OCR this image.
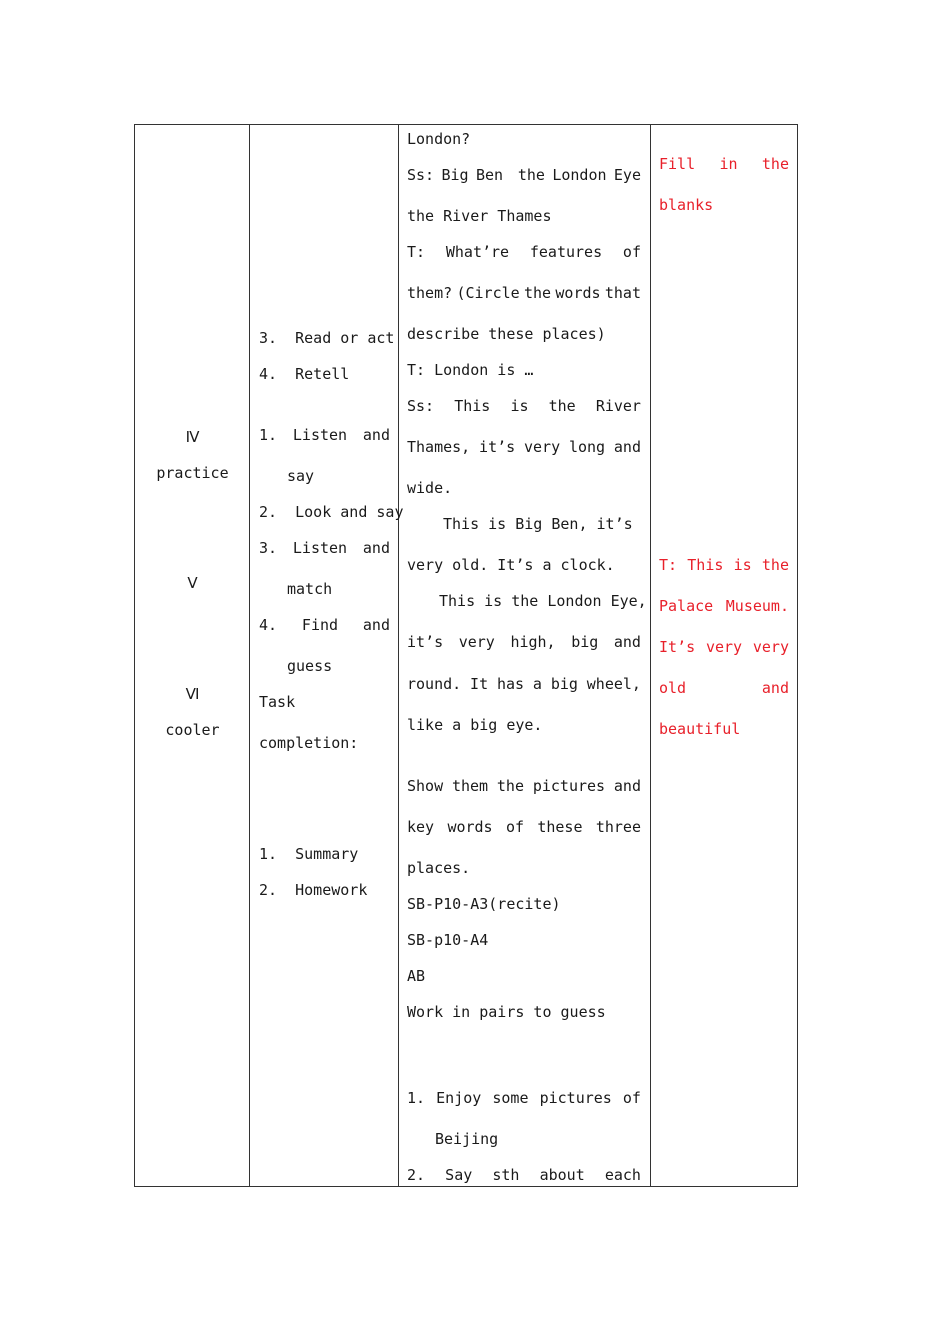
Ⅳ
practice
Ⅴ
Ⅵ
cooler
3.  Read or act
4.  Retell
1. Listen and
say
2.  Look and say
3. Listen and
match
4. Find and
guess
Task
completion:
1.  Summary
2.  Homework
London?
Ss: Big Ben the London Eye
the River Thames
T: What’re features of
them? (Circle the words that
describe these places)
T: London is …
Ss: This is the River
Thames, it’s very long and
wide.
This is Big Ben, it’s
very old. It’s a clock.
This is the London Eye,
it’s very high, big and
round. It has a big wheel,
like a big eye.
Show them the pictures and
key words of these three
places.
SB-P10-A3(recite)
SB-p10-A4
AB
Work in pairs to guess
1. Enjoy some pictures of
Beijing
2. Say sth about each
Fill in the
blanks
T: This is the
Palace Museum.
It’s very very
old	and
beautiful
